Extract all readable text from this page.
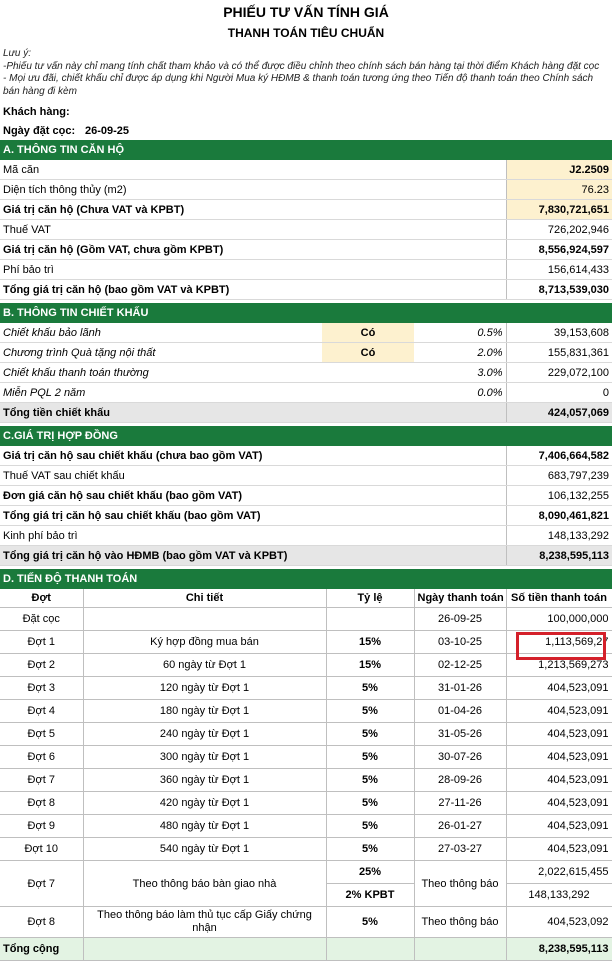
PHIẾU TƯ VẤN TÍNH GIÁ
THANH TOÁN TIÊU CHUẨN
Lưu ý:
-Phiếu tư vấn này chỉ mang tính chất tham khảo và có thể được điều chỉnh theo chính sách bán hàng tại thời điểm Khách hàng đặt cọc
- Mọi ưu đãi, chiết khấu chỉ được áp dụng khi Người Mua ký HĐMB & thanh toán tương ứng theo Tiến độ thanh toán theo Chính sách bán hàng đi kèm
Khách hàng:
Ngày đặt cọc: 26-09-25
A. THÔNG TIN CĂN HỘ	
Mã căn	J2.2509
Diện tích thông thủy (m2)	76.23
Giá trị căn hộ (Chưa VAT và KPBT)	7,830,721,651
Thuế VAT	726,202,946
Giá trị căn hộ (Gồm VAT, chưa gồm KPBT)	8,556,924,597
Phí bảo trì	156,614,433
Tổng giá trị căn hộ (bao gồm VAT và KPBT)	8,713,539,030
B. THÔNG TIN CHIẾT KHẤU			
Chiết khấu bảo lãnh	Có	0.5%	39,153,608
Chương trình Quà tặng nội thất	Có	2.0%	155,831,361
Chiết khấu thanh toán thường		3.0%	229,072,100
Miễn PQL 2 năm		0.0%	0
Tổng tiền chiết khấu			424,057,069
C.GIÁ TRỊ HỢP ĐỒNG	
Giá trị căn hộ sau chiết khấu (chưa bao gồm VAT)	7,406,664,582
Thuế VAT sau chiết khấu	683,797,239
Đơn giá căn hộ sau chiết khấu (bao gồm VAT)	106,132,255
Tổng giá trị căn hộ sau chiết khấu (bao gồm VAT)	8,090,461,821
Kinh phí bảo trì	148,133,292
Tổng giá trị căn hộ vào HĐMB (bao gồm VAT và KPBT)	8,238,595,113
D. TIẾN ĐỘ THANH TOÁN				
Đợt	Chi tiết	Tỷ lệ	Ngày thanh toán	Số tiền thanh toán
Đặt cọc			26-09-25	100,000,000
Đợt 1	Ký hợp đồng mua bán	15%	03-10-25	1,113,569,27
Đợt 2	60 ngày từ Đợt 1	15%	02-12-25	1,213,569,273
Đợt 3	120 ngày từ Đợt 1	5%	31-01-26	404,523,091
Đợt 4	180 ngày từ Đợt 1	5%	01-04-26	404,523,091
Đợt 5	240 ngày từ Đợt 1	5%	31-05-26	404,523,091
Đợt 6	300 ngày từ Đợt 1	5%	30-07-26	404,523,091
Đợt 7	360 ngày từ Đợt 1	5%	28-09-26	404,523,091
Đợt 8	420 ngày từ Đợt 1	5%	27-11-26	404,523,091
Đợt 9	480 ngày từ Đợt 1	5%	26-01-27	404,523,091
Đợt 10	540 ngày từ Đợt 1	5%	27-03-27	404,523,091
Đợt 7	Theo thông báo bàn giao nhà	25%	Theo thông báo	2,022,615,455
		2% KPBT		148,133,292
Đợt 8	Theo thông báo làm thủ tục cấp Giấy chứng nhận	5%	Theo thông báo	404,523,092
Tổng cộng				8,238,595,113
